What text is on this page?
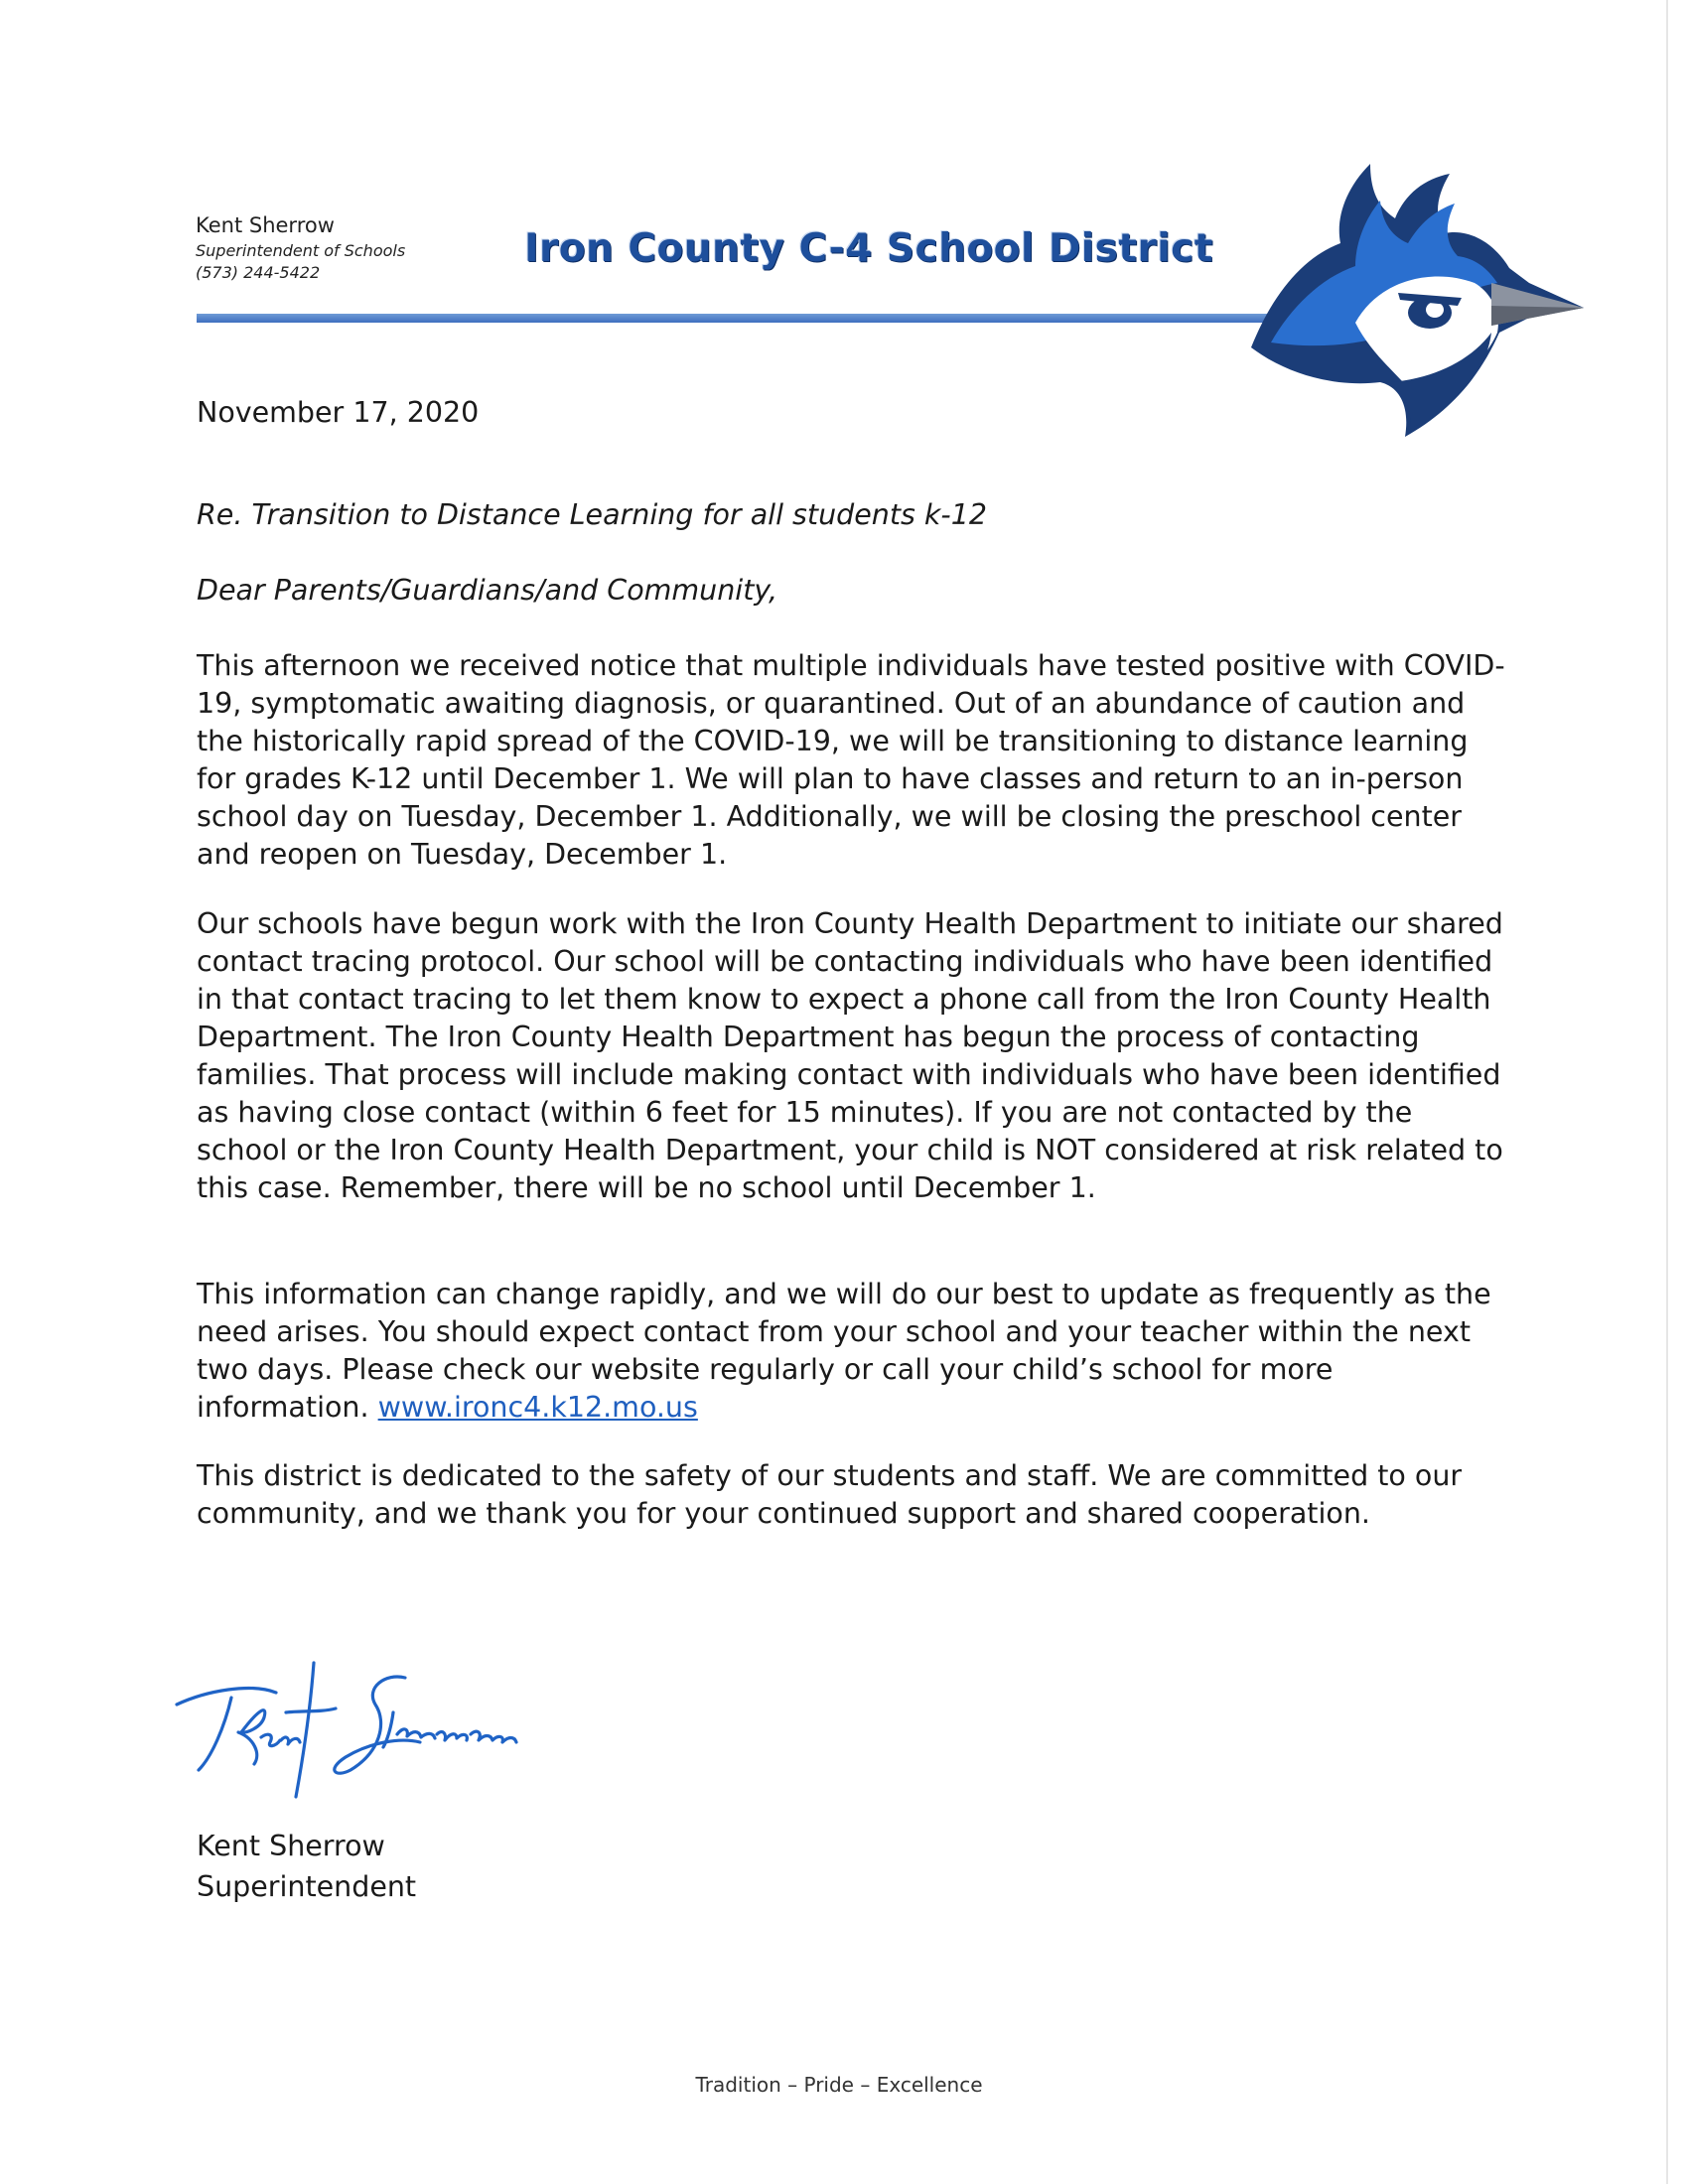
Kent Sherrow
Superintendent of Schools
(573) 244-5422
Iron County C-4 School District
November 17, 2020
Re. Transition to Distance Learning for all students k-12
Dear Parents/Guardians/and Community,

This afternoon we received notice that multiple individuals have tested positive with COVID-19, symptomatic awaiting diagnosis, or quarantined. Out of an abundance of caution and the historically rapid spread of the COVID-19, we will be transitioning to distance learning for grades K-12 until December 1. We will plan to have classes and return to an in-person school day on Tuesday, December 1. Additionally, we will be closing the preschool center and reopen on Tuesday, December 1.

Our schools have begun work with the Iron County Health Department to initiate our shared contact tracing protocol. Our school will be contacting individuals who have been identified in that contact tracing to let them know to expect a phone call from the Iron County Health Department. The Iron County Health Department has begun the process of contacting families. That process will include making contact with individuals who have been identified as having close contact (within 6 feet for 15 minutes). If you are not contacted by the school or the Iron County Health Department, your child is NOT considered at risk related to this case. Remember, there will be no school until December 1.

This information can change rapidly, and we will do our best to update as frequently as the need arises. You should expect contact from your school and your teacher within the next two days. Please check our website regularly or call your child’s school for more information. www.ironc4.k12.mo.us

This district is dedicated to the safety of our students and staff. We are committed to our community, and we thank you for your continued support and shared cooperation.

Kent Sherrow
Superintendent
Tradition – Pride – Excellence
